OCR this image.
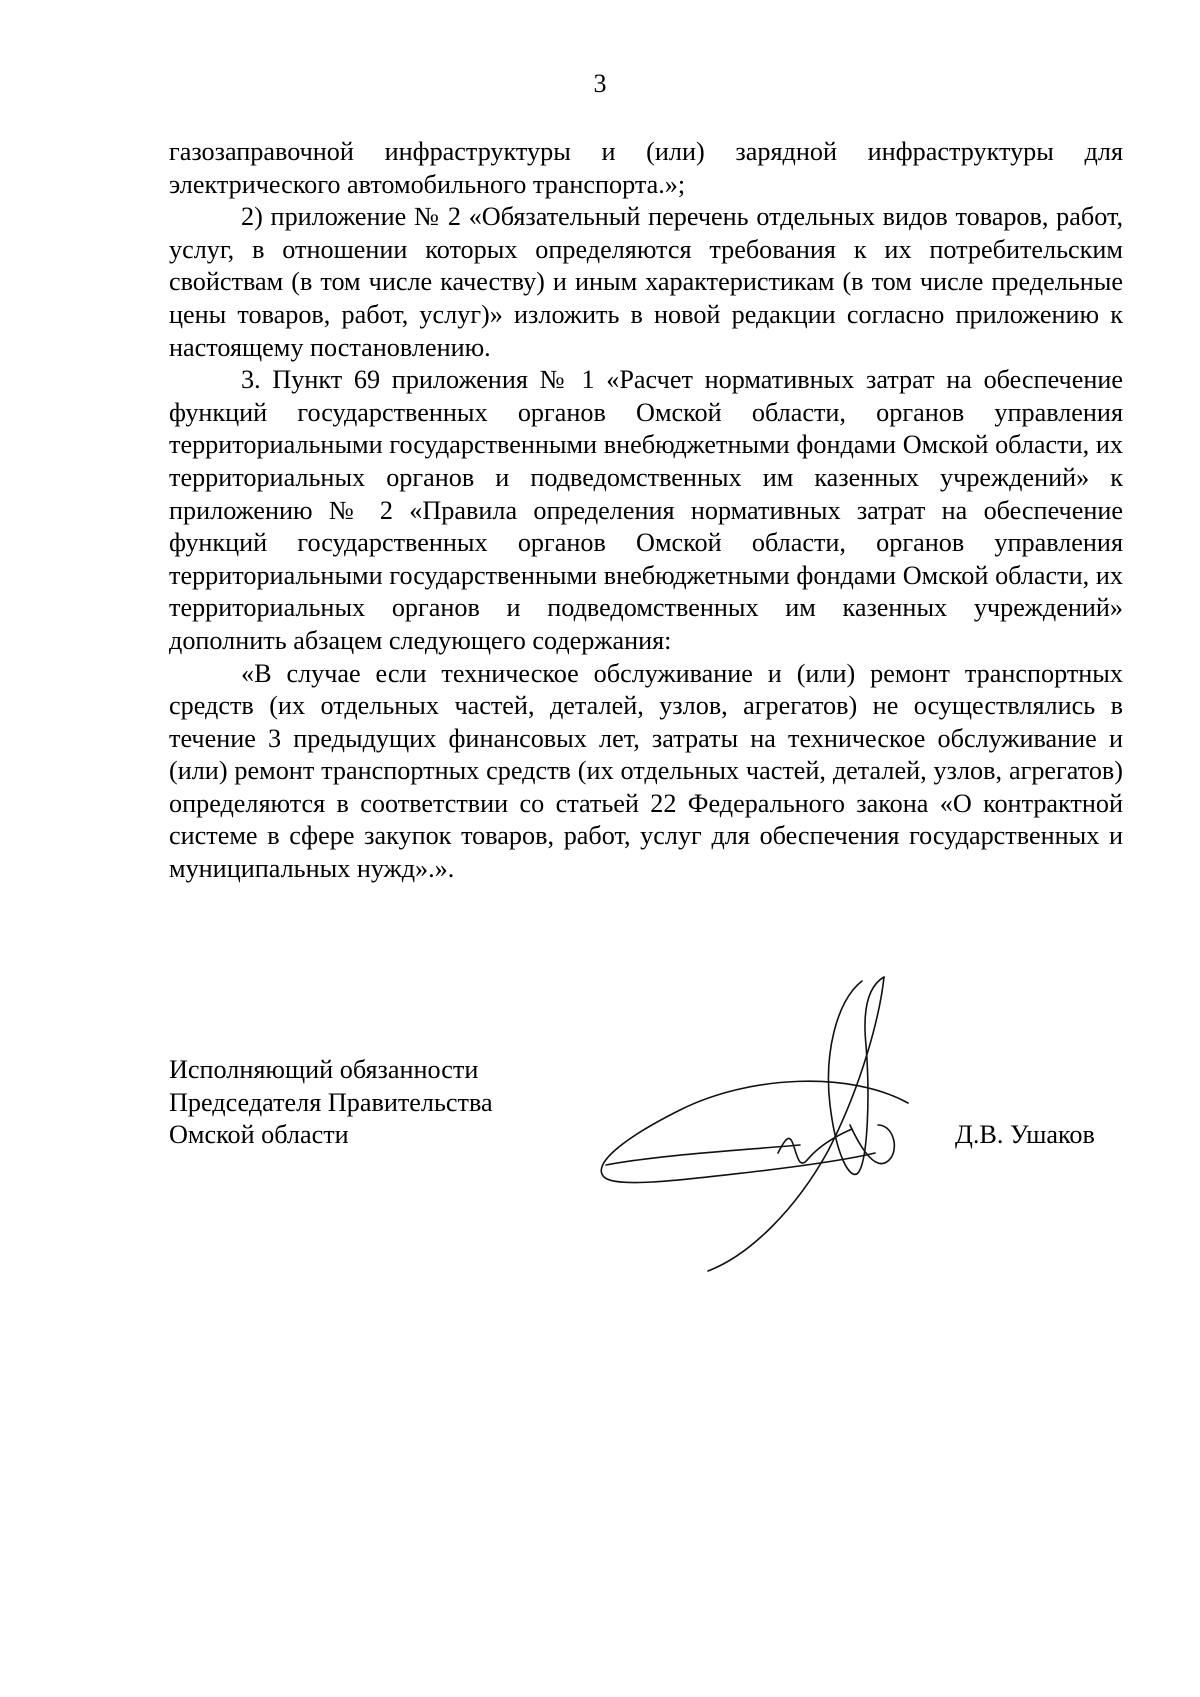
3

газозаправочной инфраструктуры и (или) зарядной инфраструктуры для электрического автомобильного транспорта.»;

2) приложение № 2 «Обязательный перечень отдельных видов товаров, работ, услуг, в отношении которых определяются требования к их потребительским свойствам (в том числе качеству) и иным характеристикам (в том числе предельные цены товаров, работ, услуг)» изложить в новой редакции согласно приложению к настоящему постановлению.

3. Пункт 69 приложения № 1 «Расчет нормативных затрат на обеспечение функций государственных органов Омской области, органов управления территориальными государственными внебюджетными фондами Омской области, их территориальных органов и подведомственных им казенных учреждений» к приложению № 2 «Правила определения нормативных затрат на обеспечение функций государственных органов Омской области, органов управления территориальными государственными внебюджетными фондами Омской области, их территориальных органов и подведомственных им казенных учреждений» дополнить абзацем следующего содержания:

«В случае если техническое обслуживание и (или) ремонт транспортных средств (их отдельных частей, деталей, узлов, агрегатов) не осуществлялись в течение 3 предыдущих финансовых лет, затраты на техническое обслуживание и (или) ремонт транспортных средств (их отдельных частей, деталей, узлов, агрегатов) определяются в соответствии со статьей 22 Федерального закона «О контрактной системе в сфере закупок товаров, работ, услуг для обеспечения государственных и муниципальных нужд».».

Исполняющий обязанности
Председателя Правительства
Омской области	Д.В. Ушаков
